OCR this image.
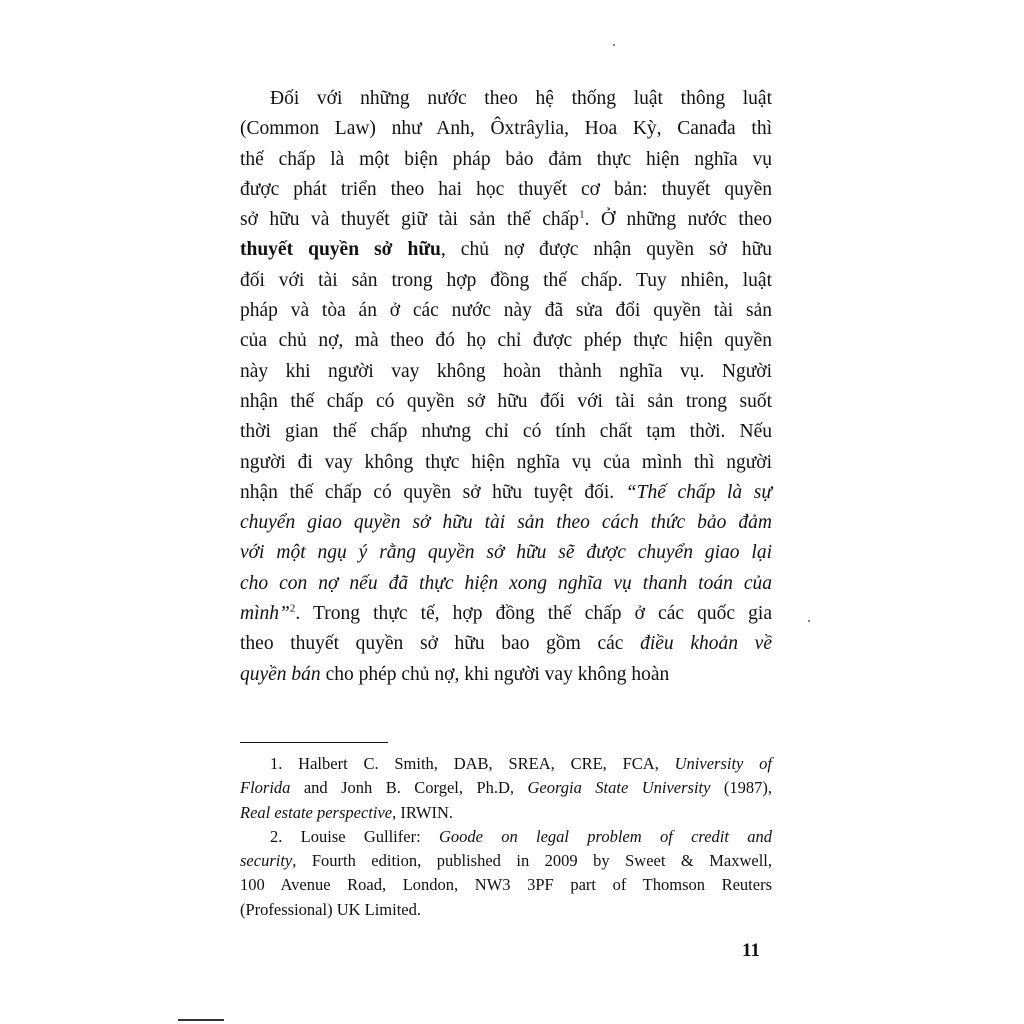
Đối với những nước theo hệ thống luật thông luật
(Common Law) như Anh, Ôxtrâylia, Hoa Kỳ, Canađa thì
thế chấp là một biện pháp bảo đảm thực hiện nghĩa vụ
được phát triển theo hai học thuyết cơ bản: thuyết quyền
sở hữu và thuyết giữ tài sản thế chấp$^1$. Ở những nước theo
thuyết quyền sở hữu, chủ nợ được nhận quyền sở hữu
đối với tài sản trong hợp đồng thế chấp. Tuy nhiên, luật
pháp và tòa án ở các nước này đã sửa đổi quyền tài sản
của chủ nợ, mà theo đó họ chỉ được phép thực hiện quyền
này khi người vay không hoàn thành nghĩa vụ. Người
nhận thế chấp có quyền sở hữu đối với tài sản trong suốt
thời gian thế chấp nhưng chỉ có tính chất tạm thời. Nếu
người đi vay không thực hiện nghĩa vụ của mình thì người
nhận thế chấp có quyền sở hữu tuyệt đối. “Thế chấp là sự
chuyển giao quyền sở hữu tài sản theo cách thức bảo đảm
với một ngụ ý rằng quyền sở hữu sẽ được chuyển giao lại
cho con nợ nếu đã thực hiện xong nghĩa vụ thanh toán của
mình”$^2$. Trong thực tế, hợp đồng thế chấp ở các quốc gia
theo thuyết quyền sở hữu bao gồm các điều khoản về
quyền bán cho phép chủ nợ, khi người vay không hoàn
1. Halbert C. Smith, DAB, SREA, CRE, FCA, University of
Florida and Jonh B. Corgel, Ph.D, Georgia State University (1987),
Real estate perspective, IRWIN.
2. Louise Gullifer: Goode on legal problem of credit and
security, Fourth edition, published in 2009 by Sweet & Maxwell,
100 Avenue Road, London, NW3 3PF part of Thomson Reuters
(Professional) UK Limited.
11
